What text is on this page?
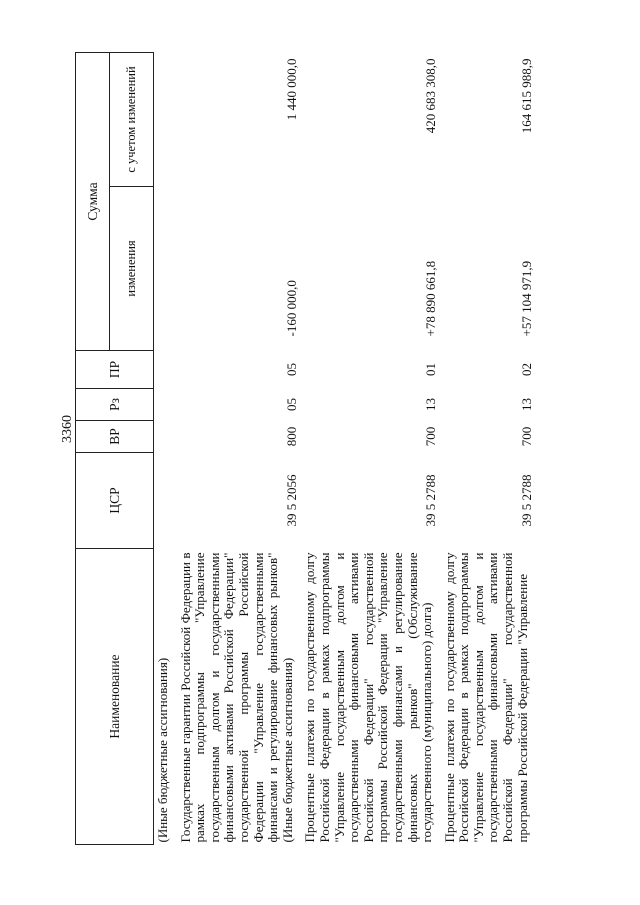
3360
Наименование	ЦСР	ВР	Рз	ПР	Сумма	
					изменения	с учетом изменений
(Иные бюджетные ассигнования)						
Государственные гарантии Российской Федерации в рамках подпрограммы "Управление государственным долгом и государственными финансовыми активами Российской Федерации" государственной программы Российской Федерации "Управление государственными финансами и регулирование финансовых рынков" (Иные бюджетные ассигнования)	39 5 2056	800	05	05	-160 000,0	1 440 000,0
Процентные платежи по государственному долгу Российской Федерации в рамках подпрограммы "Управление государственным долгом и государственными финансовыми активами Российской Федерации" государственной программы Российской Федерации "Управление государственными финансами и регулирование финансовых рынков" (Обслуживание государственного (муниципального) долга)	39 5 2788	700	13	01	+78 890 661,8	420 683 308,0
Процентные платежи по государственному долгу Российской Федерации в рамках подпрограммы "Управление государственным долгом и государственными финансовыми активами Российской Федерации" государственной программы Российской Федерации "Управление	39 5 2788	700	13	02	+57 104 971,9	164 615 988,9
